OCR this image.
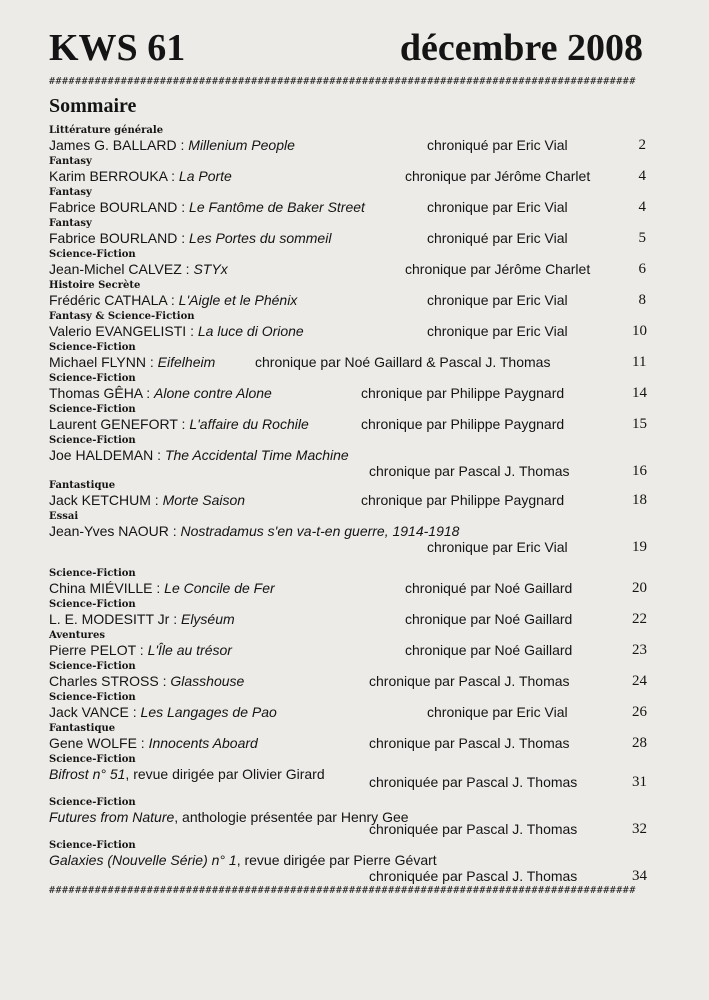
KWS 61	décembre 2008
##########################################################################################
Sommaire
Littérature générale
James G. BALLARD : Millenium People	chroniqué par Eric Vial	2
Fantasy
Karim BERROUKA : La Porte	chronique par Jérôme Charlet	4
Fantasy
Fabrice BOURLAND : Le Fantôme de Baker Street	chronique par Eric Vial	4
Fantasy
Fabrice BOURLAND : Les Portes du sommeil	chroniqué par Eric Vial	5
Science-Fiction
Jean-Michel CALVEZ : STYx	chronique par Jérôme Charlet	6
Histoire Secrète
Frédéric CATHALA : L'Aigle et le Phénix	chronique par Eric Vial	8
Fantasy & Science-Fiction
Valerio EVANGELISTI : La luce di Orione	chronique par Eric Vial	10
Science-Fiction
Michael FLYNN : Eifelheim	chronique par Noé Gaillard & Pascal J. Thomas	11
Science-Fiction
Thomas GÊHA : Alone contre Alone	chronique par Philippe Paygnard	14
Science-Fiction
Laurent GENEFORT : L'affaire du Rochile	chronique par Philippe Paygnard	15
Science-Fiction
Joe HALDEMAN : The Accidental Time Machine
chronique par Pascal J. Thomas	16
Fantastique
Jack KETCHUM : Morte Saison	chronique par Philippe Paygnard	18
Essai
Jean-Yves NAOUR : Nostradamus s'en va-t-en guerre, 1914-1918
chronique par Eric Vial	19
Science-Fiction
China MIÉVILLE : Le Concile de Fer	chroniqué par Noé Gaillard	20
Science-Fiction
L. E. MODESITT Jr : Elyséum	chronique par Noé Gaillard	22
Aventures
Pierre PELOT : L'Île au trésor	chronique par Noé Gaillard	23
Science-Fiction
Charles STROSS : Glasshouse	chronique par Pascal J. Thomas	24
Science-Fiction
Jack VANCE : Les Langages de Pao	chronique par Eric Vial	26
Fantastique
Gene WOLFE : Innocents Aboard	chronique par Pascal J. Thomas	28
Science-Fiction
Bifrost n° 51, revue dirigée par Olivier Girard	chroniquée par Pascal J. Thomas	31
Science-Fiction
Futures from Nature, anthologie présentée par Henry Gee
chroniquée par Pascal J. Thomas	32
Science-Fiction
Galaxies (Nouvelle Série) n° 1, revue dirigée par Pierre Gévart
chroniquée par Pascal J. Thomas	34
##########################################################################################
